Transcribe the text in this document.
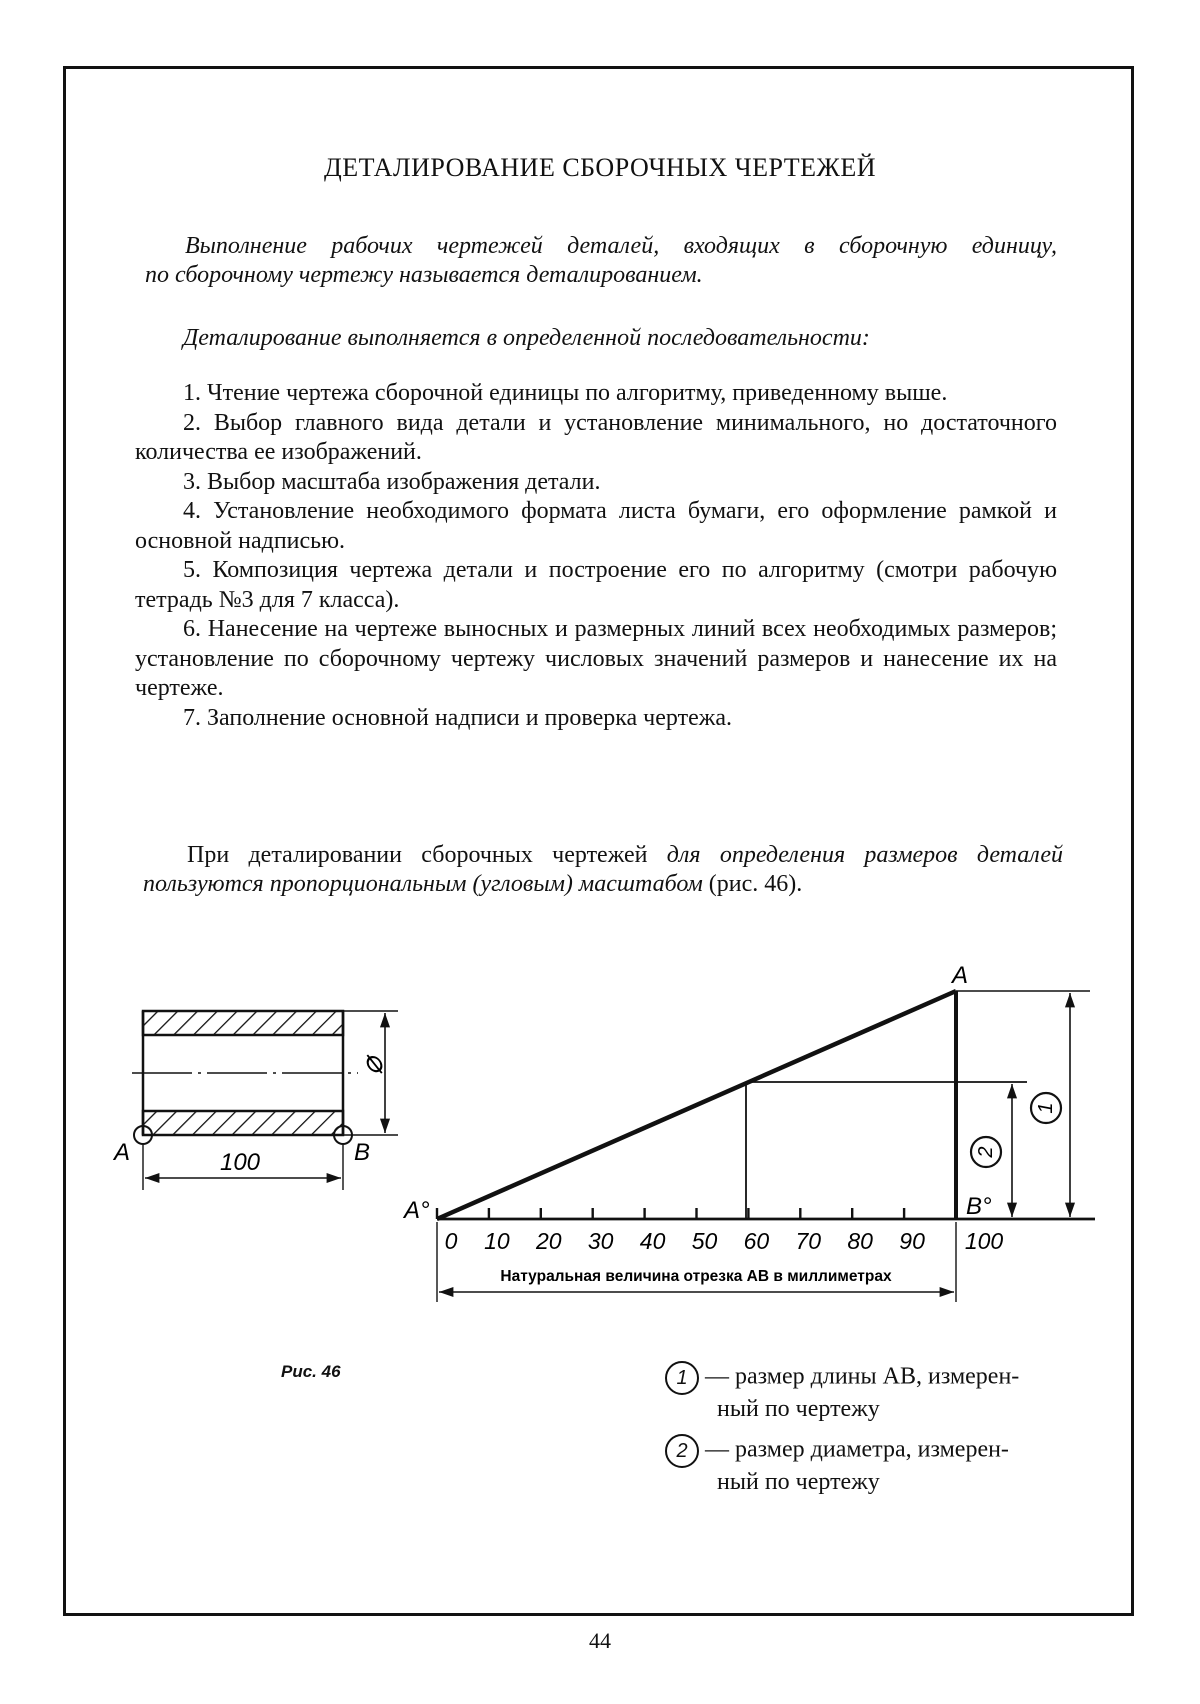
ДЕТАЛИРОВАНИЕ СБОРОЧНЫХ ЧЕРТЕЖЕЙ
Выполнение рабочих чертежей деталей, входящих в сборочную единицу,
по сборочному чертежу называется деталированием.
Деталирование выполняется в определенной последовательности:

1. Чтение чертежа сборочной единицы по алгоритму, приведенному выше.

2. Выбор главного вида детали и установление минимального, но достаточного количества ее изображений.

3. Выбор масштаба изображения детали.

4. Установление необходимого формата листа бумаги, его оформление рамкой и основной надписью.

5. Композиция чертежа детали и построение его по алгоритму (смотри рабочую тетрадь №3 для 7 класса).

6. Нанесение на чертеже выносных и размерных линий всех необходимых размеров; установление по сборочному чертежу числовых значений размеров и нанесение их на чертеже.

7. Заполнение основной надписи и проверка чертежа.

При деталировании сборочных чертежей для определения размеров деталей пользуются пропорциональным (угловым) масштабом (рис. 46).
⌀
A	B
100
1
2
A
A°	B°
0 10 20 30 40 50 60 70 80 90 100
Натуральная величина отрезка АВ в миллиметрах
Рис. 46	1 — размер длины АВ, измерен-
ный по чертежу
2 — размер диаметра, измерен-
ный по чертежу
44
